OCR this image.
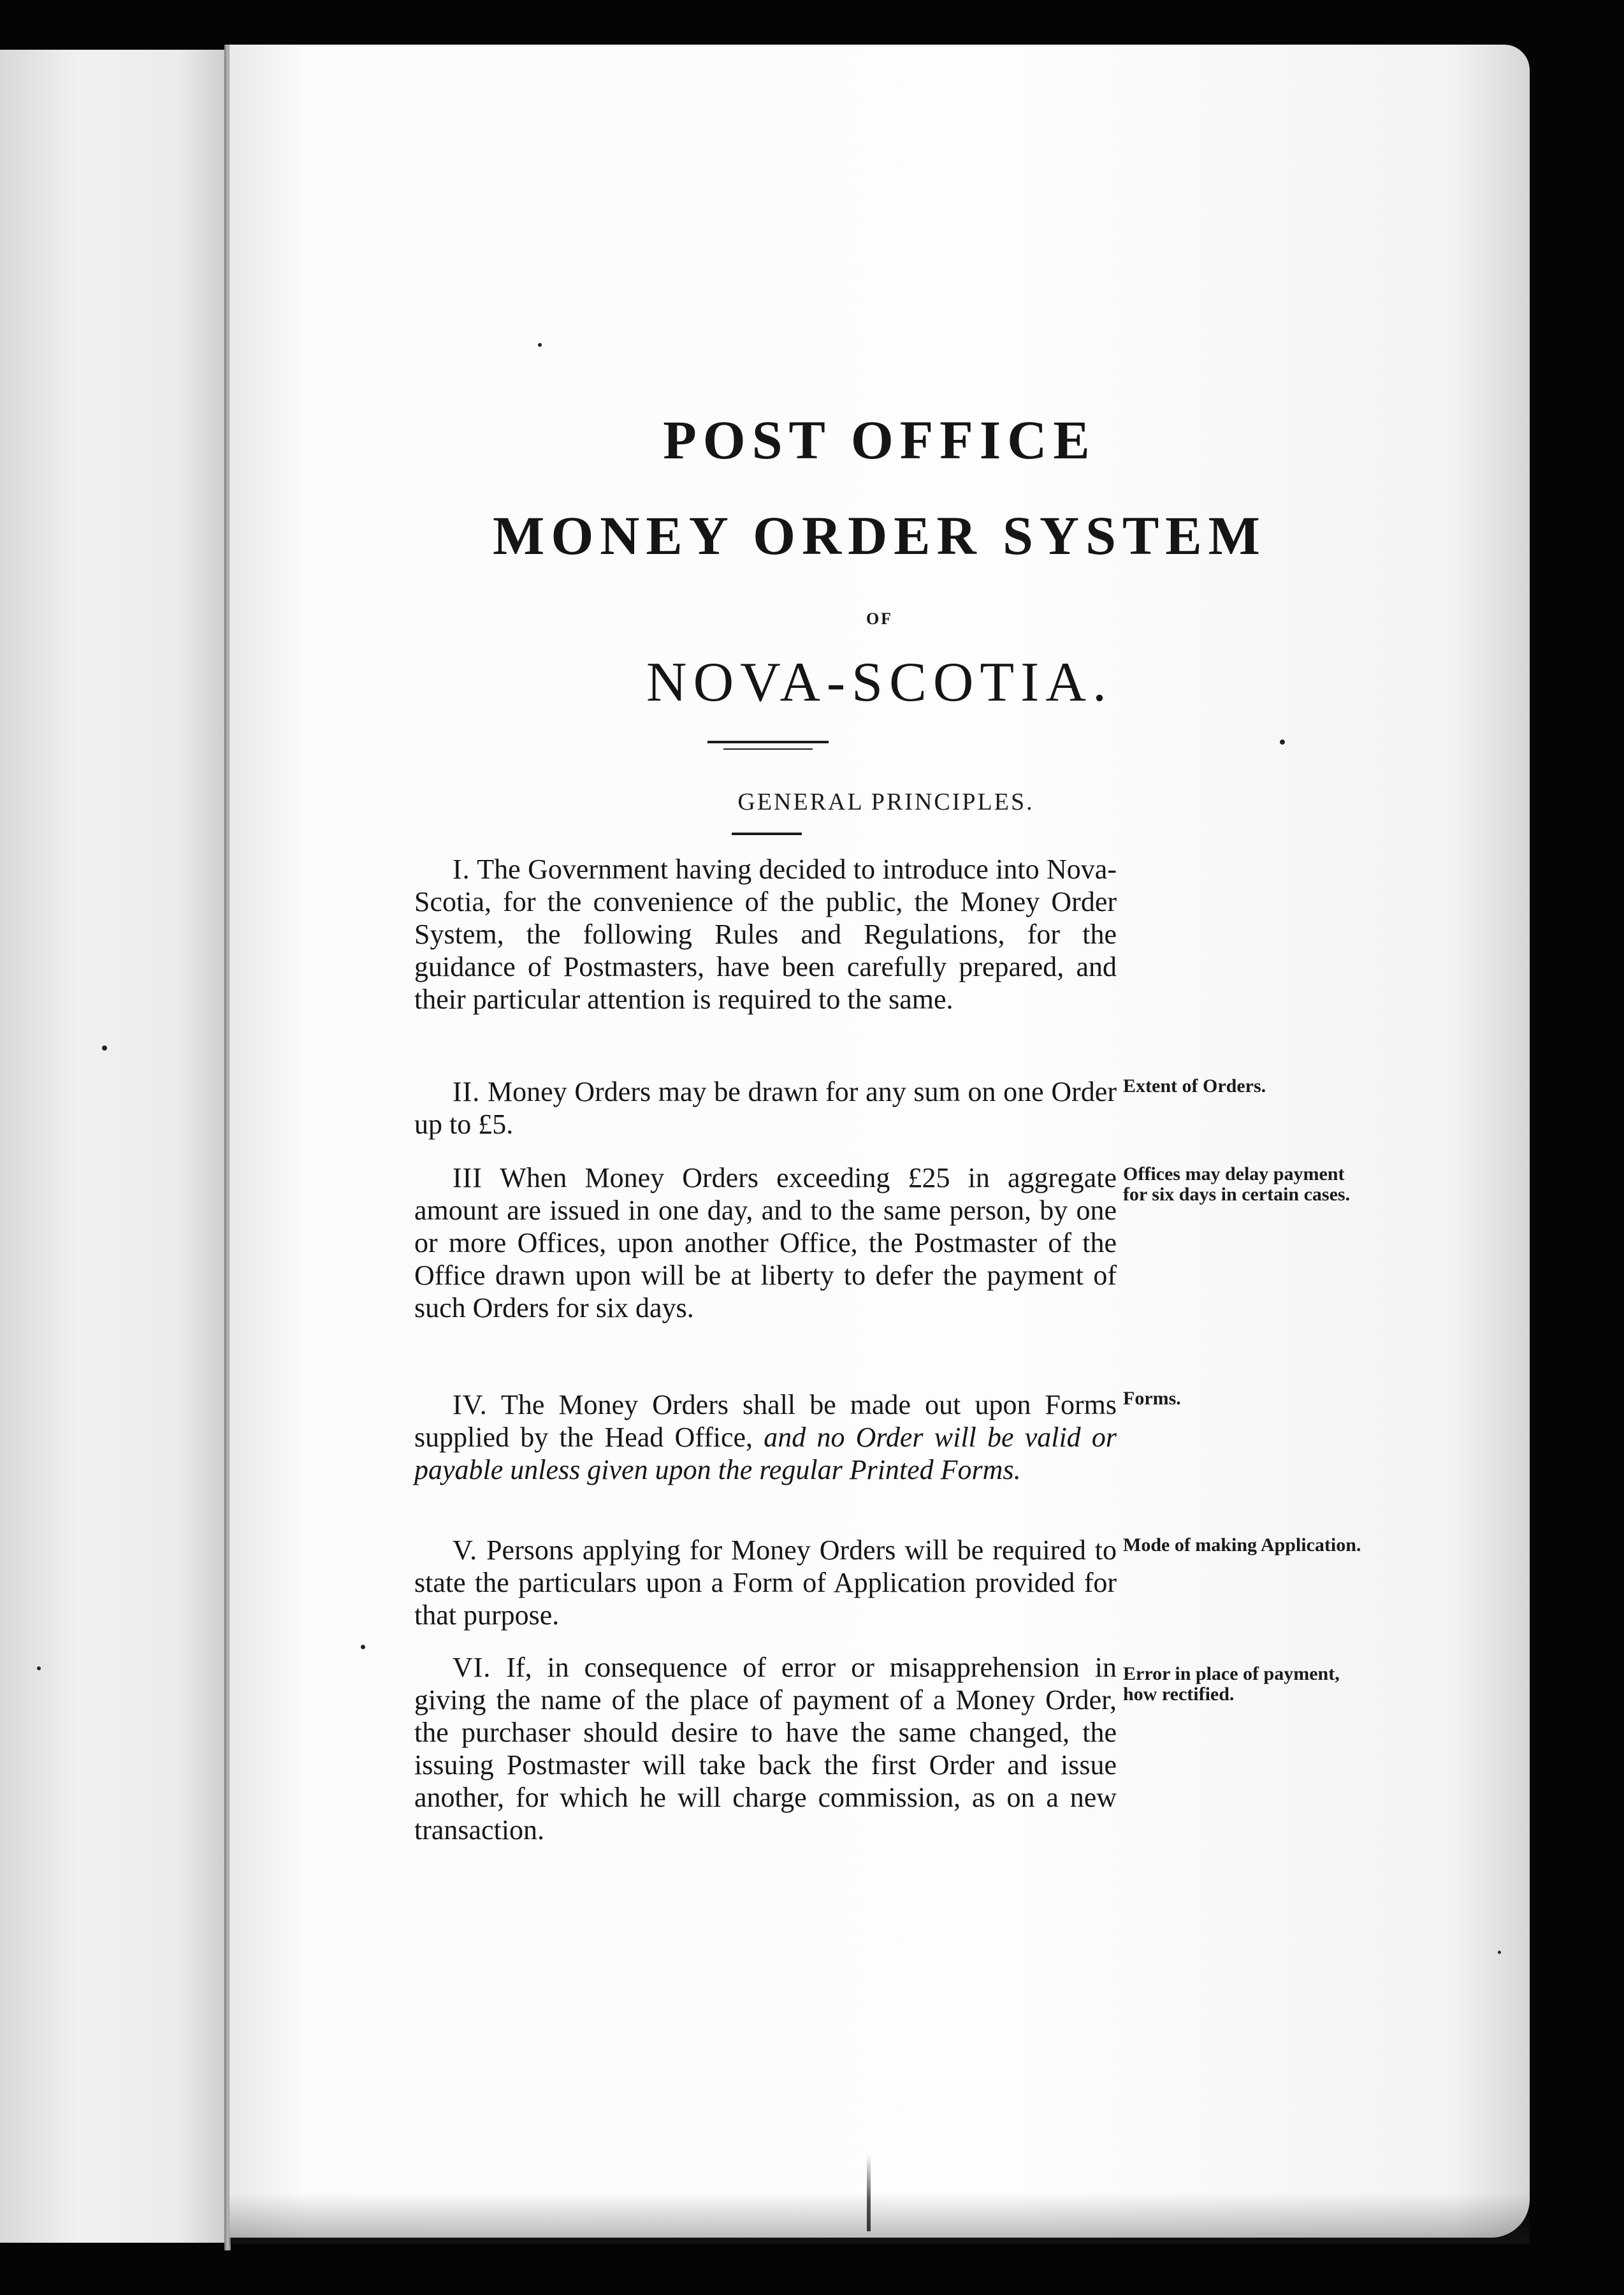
POST OFFICE
MONEY ORDER SYSTEM
OF
NOVA-SCOTIA.
GENERAL PRINCIPLES.
I. The Government having decided to introduce into Nova-Scotia, for the convenience of the public, the Money Order System, the following Rules and Regulations, for the guidance of Postmasters, have been carefully prepared, and their particular attention is required to the same.
II. Money Orders may be drawn for any sum on one Order up to £5.
III When Money Orders exceeding £25 in aggregate amount are issued in one day, and to the same person, by one or more Offices, upon another Office, the Postmaster of the Office drawn upon will be at liberty to defer the payment of such Orders for six days.
IV. The Money Orders shall be made out upon Forms supplied by the Head Office, and no Order will be valid or payable unless given upon the regular Printed Forms.
V. Persons applying for Money Orders will be required to state the particulars upon a Form of Application provided for that purpose.
VI. If, in consequence of error or misapprehension in giving the name of the place of payment of a Money Order, the purchaser should desire to have the same changed, the issuing Postmaster will take back the first Order and issue another, for which he will charge commission, as on a new transaction.
Extent of Orders.
Offices may delay payment for six days in certain cases.
Forms.
Mode of making Application.
Error in place of payment, how rectified.
